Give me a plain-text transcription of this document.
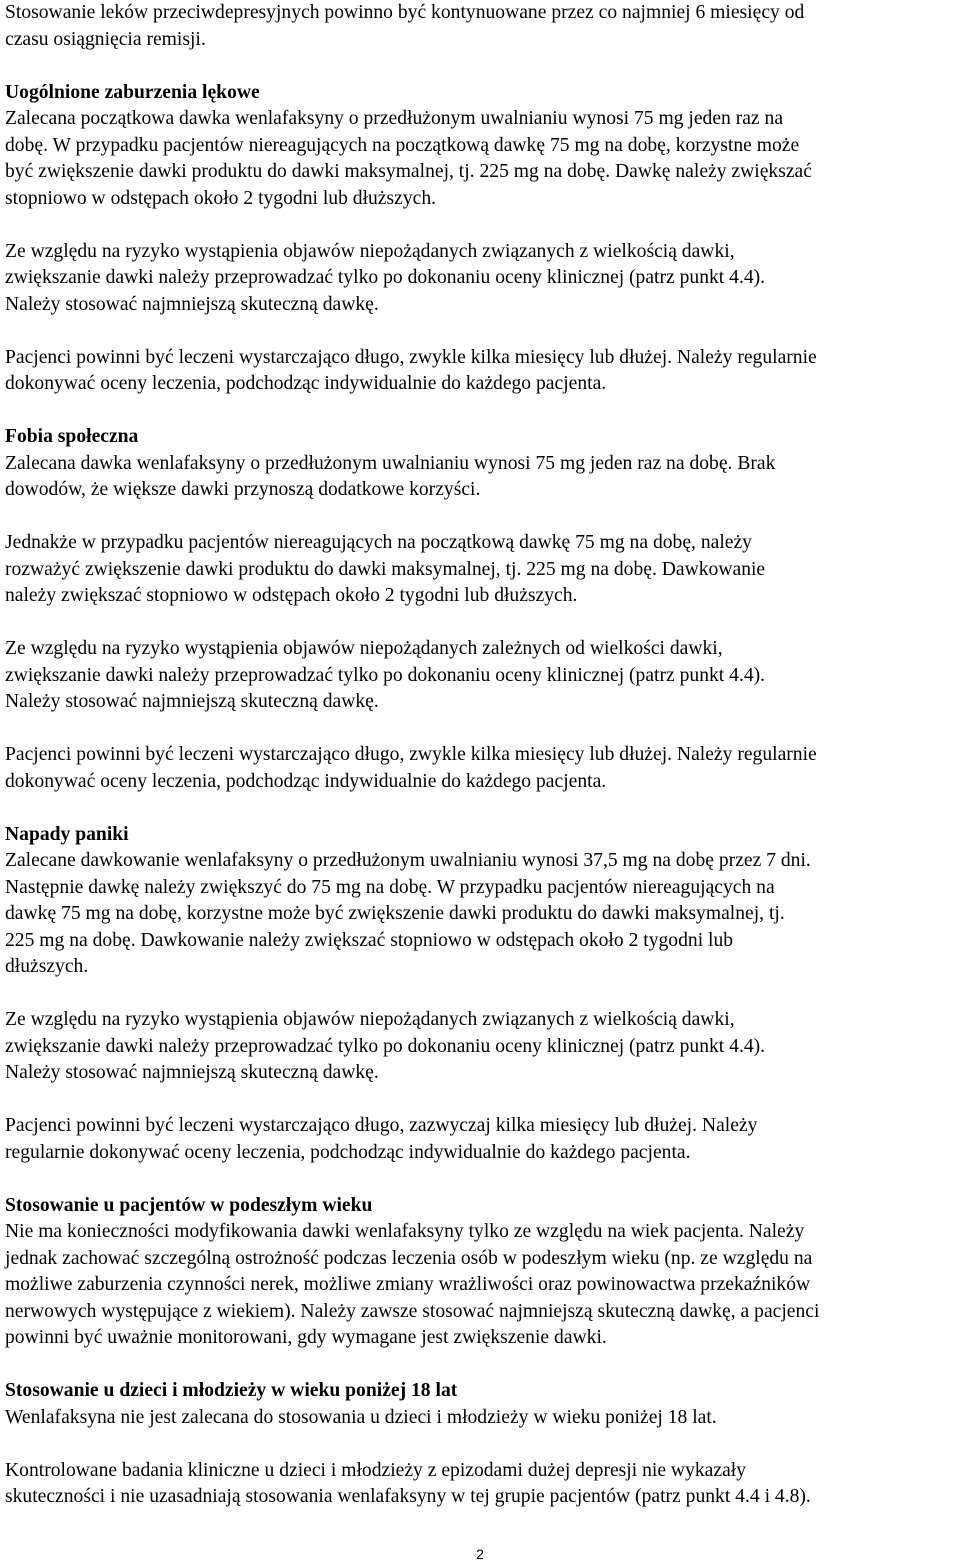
Stosowanie leków przeciwdepresyjnych powinno być kontynuowane przez co najmniej 6 miesięcy od
czasu osiągnięcia remisji.
Uogólnione zaburzenia lękowe
Zalecana początkowa dawka wenlafaksyny o przedłużonym uwalnianiu wynosi 75 mg jeden raz na
dobę. W przypadku pacjentów niereagujących na początkową dawkę 75 mg na dobę, korzystne może
być zwiększenie dawki produktu do dawki maksymalnej, tj. 225 mg na dobę. Dawkę należy zwiększać
stopniowo w odstępach około 2 tygodni lub dłuższych.
Ze względu na ryzyko wystąpienia objawów niepożądanych związanych z wielkością dawki,
zwiększanie dawki należy przeprowadzać tylko po dokonaniu oceny klinicznej (patrz punkt 4.4).
Należy stosować najmniejszą skuteczną dawkę.
Pacjenci powinni być leczeni wystarczająco długo, zwykle kilka miesięcy lub dłużej. Należy regularnie
dokonywać oceny leczenia, podchodząc indywidualnie do każdego pacjenta.
Fobia społeczna
Zalecana dawka wenlafaksyny o przedłużonym uwalnianiu wynosi 75 mg jeden raz na dobę. Brak
dowodów, że większe dawki przynoszą dodatkowe korzyści.
Jednakże w przypadku pacjentów niereagujących na początkową dawkę 75 mg na dobę, należy
rozważyć zwiększenie dawki produktu do dawki maksymalnej, tj. 225 mg na dobę. Dawkowanie
należy zwiększać stopniowo w odstępach około 2 tygodni lub dłuższych.
Ze względu na ryzyko wystąpienia objawów niepożądanych zależnych od wielkości dawki,
zwiększanie dawki należy przeprowadzać tylko po dokonaniu oceny klinicznej (patrz punkt 4.4).
Należy stosować najmniejszą skuteczną dawkę.
Pacjenci powinni być leczeni wystarczająco długo, zwykle kilka miesięcy lub dłużej. Należy regularnie
dokonywać oceny leczenia, podchodząc indywidualnie do każdego pacjenta.
Napady paniki
Zalecane dawkowanie wenlafaksyny o przedłużonym uwalnianiu wynosi 37,5 mg na dobę przez 7 dni.
Następnie dawkę należy zwiększyć do 75 mg na dobę. W przypadku pacjentów niereagujących na
dawkę 75 mg na dobę, korzystne może być zwiększenie dawki produktu do dawki maksymalnej, tj.
225 mg na dobę. Dawkowanie należy zwiększać stopniowo w odstępach około 2 tygodni lub
dłuższych.
Ze względu na ryzyko wystąpienia objawów niepożądanych związanych z wielkością dawki,
zwiększanie dawki należy przeprowadzać tylko po dokonaniu oceny klinicznej (patrz punkt 4.4).
Należy stosować najmniejszą skuteczną dawkę.
Pacjenci powinni być leczeni wystarczająco długo, zazwyczaj kilka miesięcy lub dłużej. Należy
regularnie dokonywać oceny leczenia, podchodząc indywidualnie do każdego pacjenta.
Stosowanie u pacjentów w podeszłym wieku
Nie ma konieczności modyfikowania dawki wenlafaksyny tylko ze względu na wiek pacjenta. Należy
jednak zachować szczególną ostrożność podczas leczenia osób w podeszłym wieku (np. ze względu na
możliwe zaburzenia czynności nerek, możliwe zmiany wrażliwości oraz powinowactwa przekaźników
nerwowych występujące z wiekiem). Należy zawsze stosować najmniejszą skuteczną dawkę, a pacjenci
powinni być uważnie monitorowani, gdy wymagane jest zwiększenie dawki.
Stosowanie u dzieci i młodzieży w wieku poniżej 18 lat
Wenlafaksyna nie jest zalecana do stosowania u dzieci i młodzieży w wieku poniżej 18 lat.
Kontrolowane badania kliniczne u dzieci i młodzieży z epizodami dużej depresji nie wykazały
skuteczności i nie uzasadniają stosowania wenlafaksyny w tej grupie pacjentów (patrz punkt 4.4 i 4.8).
2
